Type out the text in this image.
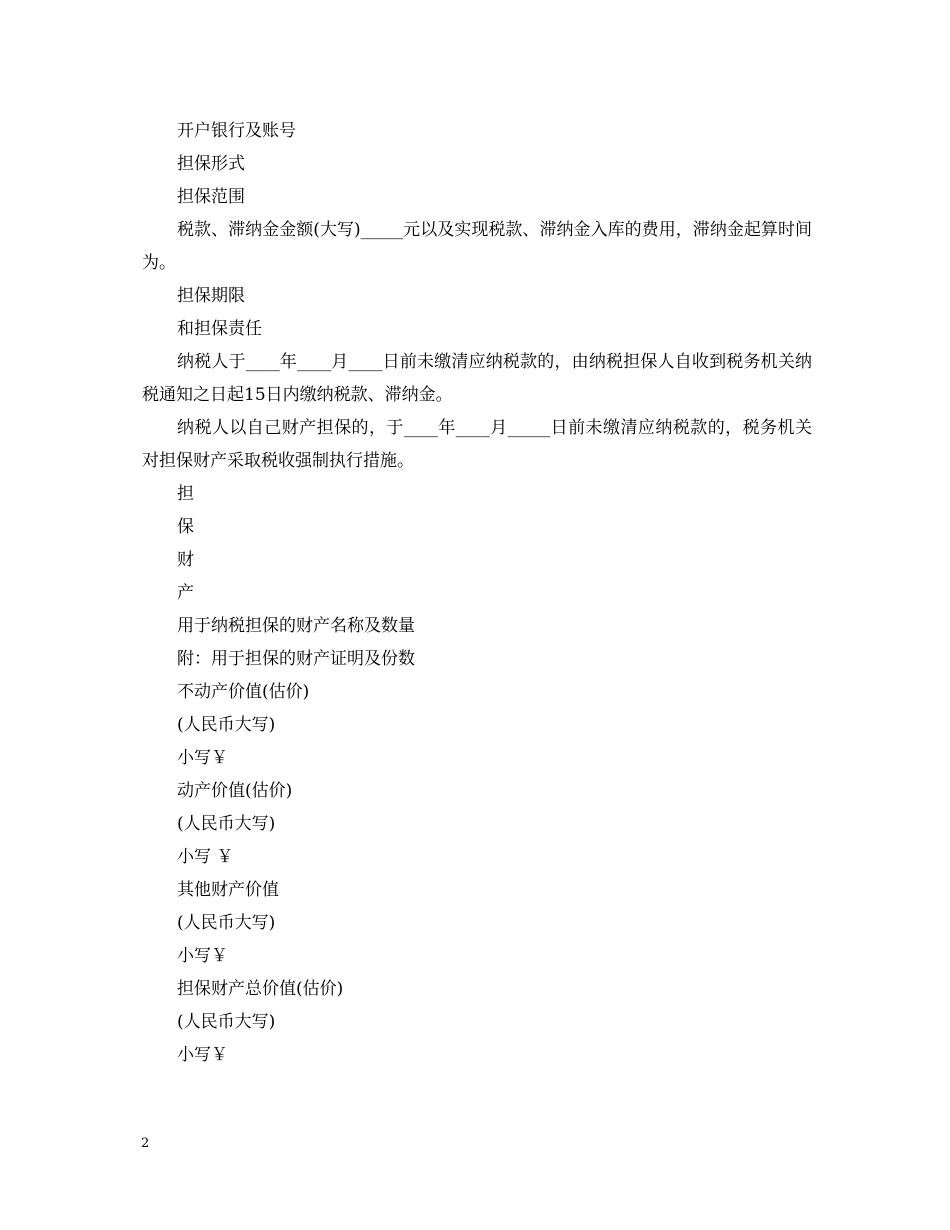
开户银行及账号

担保形式

担保范围

税款、滞纳金金额(大写)_____元以及实现税款、滞纳金入库的费用，滞纳金起算时间为。

担保期限

和担保责任

纳税人于____年____月____日前未缴清应纳税款的，由纳税担保人自收到税务机关纳税通知之日起15日内缴纳税款、滞纳金。

纳税人以自己财产担保的，于____年____月_____日前未缴清应纳税款的，税务机关对担保财产采取税收强制执行措施。

担

保

财

产

用于纳税担保的财产名称及数量

附：用于担保的财产证明及份数

不动产价值(估价)

(人民币大写)

小写￥

动产价值(估价)

(人民币大写)

小写 ￥

其他财产价值

(人民币大写)

小写￥

担保财产总价值(估价)

(人民币大写)

小写￥

2
